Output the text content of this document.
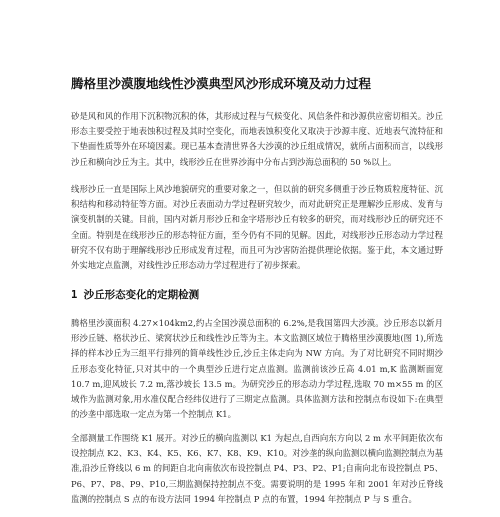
腾格里沙漠腹地线性沙漠典型风沙形成环境及动力过程

砂是风和风的作用下沉积物沉积的体，其形成过程与气候变化、风信条件和沙源供应密切相关。沙丘形态主要受控于地表蚀积过程及其时空变化，而地表蚀积变化又取决于沙源丰度、近地表气流特征和下垫面性质等外在环境因素。现已基本查清世界各大沙漠的沙丘组成情况，就所占面积而言，以线形沙丘和横向沙丘为主。其中，线形沙丘在世界沙海中分布占到沙海总面积的 50 %以上。

线形沙丘一直是国际上风沙地貌研究的重要对象之一，但以前的研究多侧重于沙丘物质粒度特征、沉积结构和移动特征等方面。对沙丘表面动力学过程研究较少，而对此研究正是理解沙丘形成、发育与演变机制的关键。目前，国内对新月形沙丘和金字塔形沙丘有较多的研究，而对线形沙丘的研究还不全面。特别是在线形沙丘的形态特征方面，至今仍有不同的见解。因此，对线形沙丘形态动力学过程研究不仅有助于理解线形沙丘形成发育过程，而且可为沙害防治提供理论依据。鉴于此，本文通过野外实地定点监测，对线性沙丘形态动力学过程进行了初步探索。

1 沙丘形态变化的定期检测

腾格里沙漠面积 4.27×104km2,约占全国沙漠总面积的 6.2%,是我国第四大沙漠。沙丘形态以新月形沙丘链、格状沙丘、梁窝状沙丘和线性沙丘等为主。本文监测区域位于腾格里沙漠腹地(图 1),所选择的样本沙丘为三组平行排列的简单线性沙丘,沙丘主体走向为 NW 方向。为了对比研究不同时期沙丘形态变化特征,只对其中的一个典型沙丘进行定点监测。监测前该沙丘高 4.01 m,K 监测断面宽 10.7 m,迎风坡长 7.2 m,落沙坡长 13.5 m。为研究沙丘的形态动力学过程,选取 70 m×55 m 的区域作为监测对象,用水准仪配合经纬仪进行了三期定点监测。具体监测方法和控制点布设如下:在典型的沙垄中部选取一定点为第一个控制点 K1。

全部测量工作围绕 K1 展开。对沙丘的横向监测以 K1 为起点,自西向东方向以 2 m 水平间距依次布设控制点 K2、K3、K4、K5、K6、K7、K8、K9、K10。对沙垄的纵向监测以横向监测控制点为基准,沿沙丘脊线以 6 m 的间距自北向南依次布设控制点 P4、P3、P2、P1;自南向北布设控制点 P5、P6、P7、P8、P9、P10,三期监测保持控制点不变。需要说明的是 1995 年和 2001 年对沙丘脊线监测的控制点 S 点的布设方法同 1994 年控制点 P 点的布置，1994 年控制点 P 与 S 重合。
